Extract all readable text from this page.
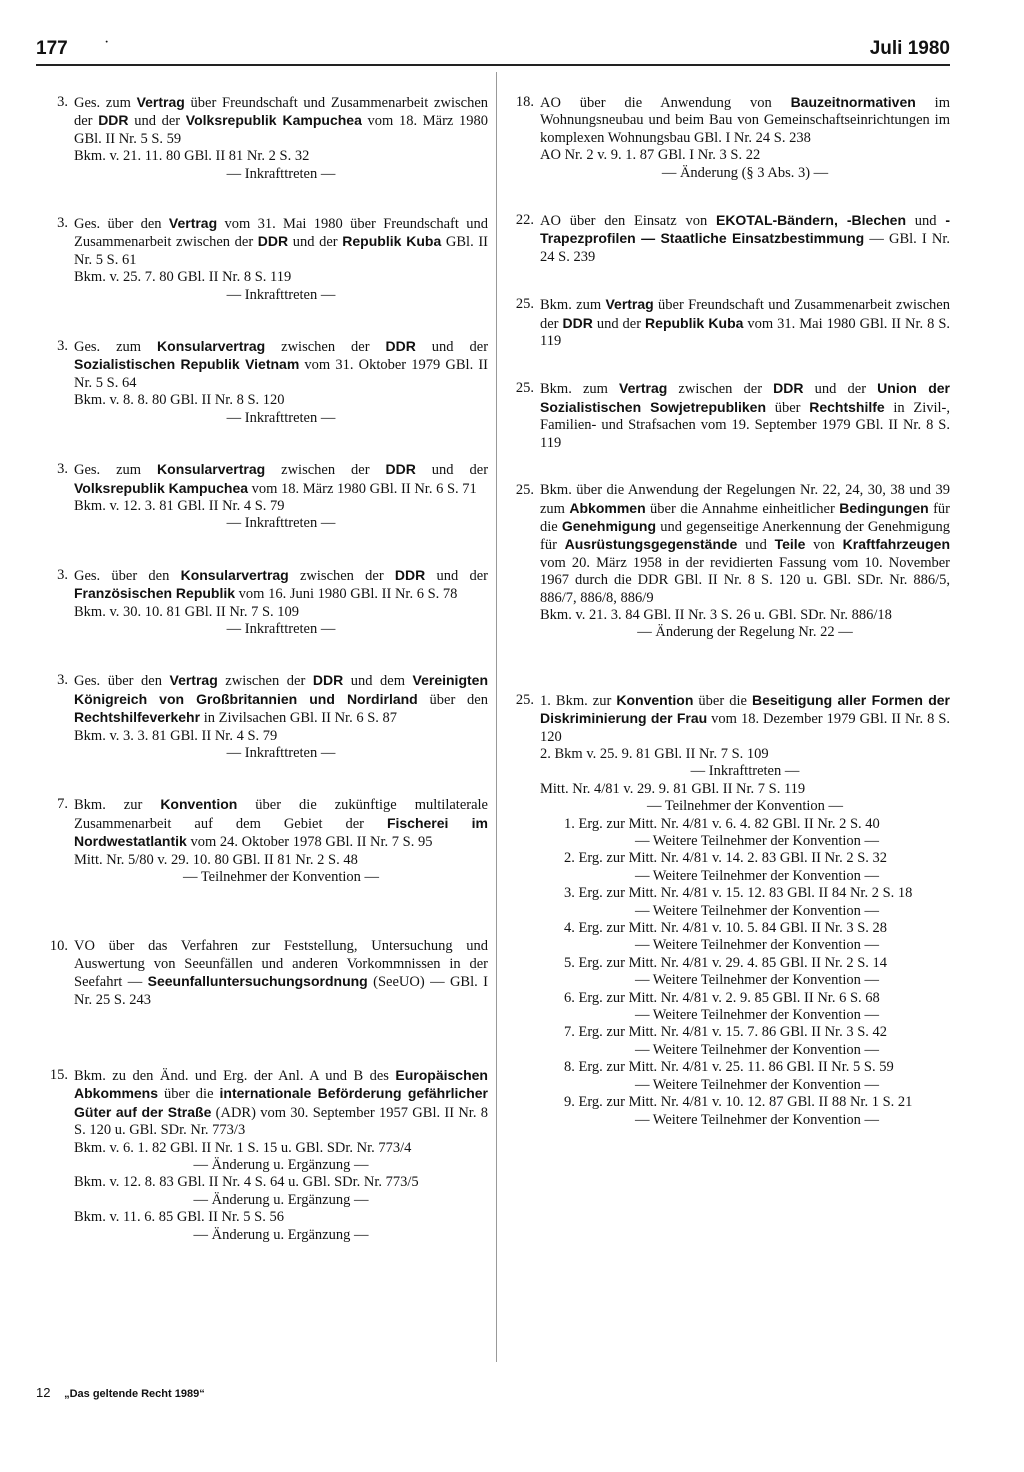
177 ·	Juli 1980
3. Ges. zum Vertrag über Freundschaft und Zusammenarbeit zwischen der DDR und der Volksrepublik Kampuchea vom 18. März 1980 GBl. II Nr. 5 S. 59

Bkm. v. 21. 11. 80 GBl. II 81 Nr. 2 S. 32
— Inkrafttreten —
3. Ges. über den Vertrag vom 31. Mai 1980 über Freundschaft und Zusammenarbeit zwischen der DDR und der Republik Kuba GBl. II Nr. 5 S. 61

Bkm. v. 25. 7. 80 GBl. II Nr. 8 S. 119
— Inkrafttreten —
3. Ges. zum Konsularvertrag zwischen der DDR und der Sozialistischen Republik Vietnam vom 31. Oktober 1979 GBl. II Nr. 5 S. 64

Bkm. v. 8. 8. 80 GBl. II Nr. 8 S. 120
— Inkrafttreten —
3. Ges. zum Konsularvertrag zwischen der DDR und der Volksrepublik Kampuchea vom 18. März 1980 GBl. II Nr. 6 S. 71

Bkm. v. 12. 3. 81 GBl. II Nr. 4 S. 79
— Inkrafttreten —
3. Ges. über den Konsularvertrag zwischen der DDR und der Französischen Republik vom 16. Juni 1980 GBl. II Nr. 6 S. 78

Bkm. v. 30. 10. 81 GBl. II Nr. 7 S. 109
— Inkrafttreten —
3. Ges. über den Vertrag zwischen der DDR und dem Vereinigten Königreich von Großbritannien und Nordirland über den Rechtshilfeverkehr in Zivilsachen GBl. II Nr. 6 S. 87

Bkm. v. 3. 3. 81 GBl. II Nr. 4 S. 79
— Inkrafttreten —
7. Bkm. zur Konvention über die zukünftige multilaterale Zusammenarbeit auf dem Gebiet der Fischerei im Nordwestatlantik vom 24. Oktober 1978 GBl. II Nr. 7 S. 95

Mitt. Nr. 5/80 v. 29. 10. 80 GBl. II 81 Nr. 2 S. 48
— Teilnehmer der Konvention —
10. VO über das Verfahren zur Feststellung, Untersuchung und Auswertung von Seeunfällen und anderen Vorkommnissen in der Seefahrt — Seeunfalluntersuchungsordnung (SeeUO) — GBl. I Nr. 25 S. 243

15. Bkm. zu den Änd. und Erg. der Anl. A und B des Europäischen Abkommens über die internationale Beförderung gefährlicher Güter auf der Straße (ADR) vom 30. September 1957 GBl. II Nr. 8 S. 120 u. GBl. SDr. Nr. 773/3

Bkm. v. 6. 1. 82 GBl. II Nr. 1 S. 15 u. GBl. SDr. Nr. 773/4
— Änderung u. Ergänzung —
Bkm. v. 12. 8. 83 GBl. II Nr. 4 S. 64 u. GBl. SDr. Nr. 773/5
— Änderung u. Ergänzung —
Bkm. v. 11. 6. 85 GBl. II Nr. 5 S. 56
— Änderung u. Ergänzung —
18. AO über die Anwendung von Bauzeitnormativen im Wohnungsneubau und beim Bau von Gemeinschaftseinrichtungen im komplexen Wohnungsbau GBl. I Nr. 24 S. 238

AO Nr. 2 v. 9. 1. 87 GBl. I Nr. 3 S. 22
— Änderung (§ 3 Abs. 3) —
22. AO über den Einsatz von EKOTAL-Bändern, -Blechen und -Trapezprofilen — Staatliche Einsatzbestimmung — GBl. I Nr. 24 S. 239

25. Bkm. zum Vertrag über Freundschaft und Zusammenarbeit zwischen der DDR und der Republik Kuba vom 31. Mai 1980 GBl. II Nr. 8 S. 119

25. Bkm. zum Vertrag zwischen der DDR und der Union der Sozialistischen Sowjetrepubliken über Rechtshilfe in Zivil-, Familien- und Strafsachen vom 19. September 1979 GBl. II Nr. 8 S. 119

25. Bkm. über die Anwendung der Regelungen Nr. 22, 24, 30, 38 und 39 zum Abkommen über die Annahme einheitlicher Bedingungen für die Genehmigung und gegenseitige Anerkennung der Genehmigung für Ausrüstungsgegenstände und Teile von Kraftfahrzeugen vom 20. März 1958 in der revidierten Fassung vom 10. November 1967 durch die DDR GBl. II Nr. 8 S. 120 u. GBl. SDr. Nr. 886/5, 886/7, 886/8, 886/9

Bkm. v. 21. 3. 84 GBl. II Nr. 3 S. 26 u. GBl. SDr. Nr. 886/18
— Änderung der Regelung Nr. 22 —
25. 1. Bkm. zur Konvention über die Beseitigung aller Formen der Diskriminierung der Frau vom 18. Dezember 1979 GBl. II Nr. 8 S. 120

2. Bkm v. 25. 9. 81 GBl. II Nr. 7 S. 109
— Inkrafttreten —
Mitt. Nr. 4/81 v. 29. 9. 81 GBl. II Nr. 7 S. 119
— Teilnehmer der Konvention —
1. Erg. zur Mitt. Nr. 4/81 v. 6. 4. 82 GBl. II Nr. 2 S. 40
— Weitere Teilnehmer der Konvention —
2. Erg. zur Mitt. Nr. 4/81 v. 14. 2. 83 GBl. II Nr. 2 S. 32
— Weitere Teilnehmer der Konvention —
3. Erg. zur Mitt. Nr. 4/81 v. 15. 12. 83 GBl. II 84 Nr. 2 S. 18
— Weitere Teilnehmer der Konvention —
4. Erg. zur Mitt. Nr. 4/81 v. 10. 5. 84 GBl. II Nr. 3 S. 28
— Weitere Teilnehmer der Konvention —
5. Erg. zur Mitt. Nr. 4/81 v. 29. 4. 85 GBl. II Nr. 2 S. 14
— Weitere Teilnehmer der Konvention —
6. Erg. zur Mitt. Nr. 4/81 v. 2. 9. 85 GBl. II Nr. 6 S. 68
— Weitere Teilnehmer der Konvention —
7. Erg. zur Mitt. Nr. 4/81 v. 15. 7. 86 GBl. II Nr. 3 S. 42
— Weitere Teilnehmer der Konvention —
8. Erg. zur Mitt. Nr. 4/81 v. 25. 11. 86 GBl. II Nr. 5 S. 59
— Weitere Teilnehmer der Konvention —
9. Erg. zur Mitt. Nr. 4/81 v. 10. 12. 87 GBl. II 88 Nr. 1 S. 21
— Weitere Teilnehmer der Konvention —
12 „Das geltende Recht 1989“
